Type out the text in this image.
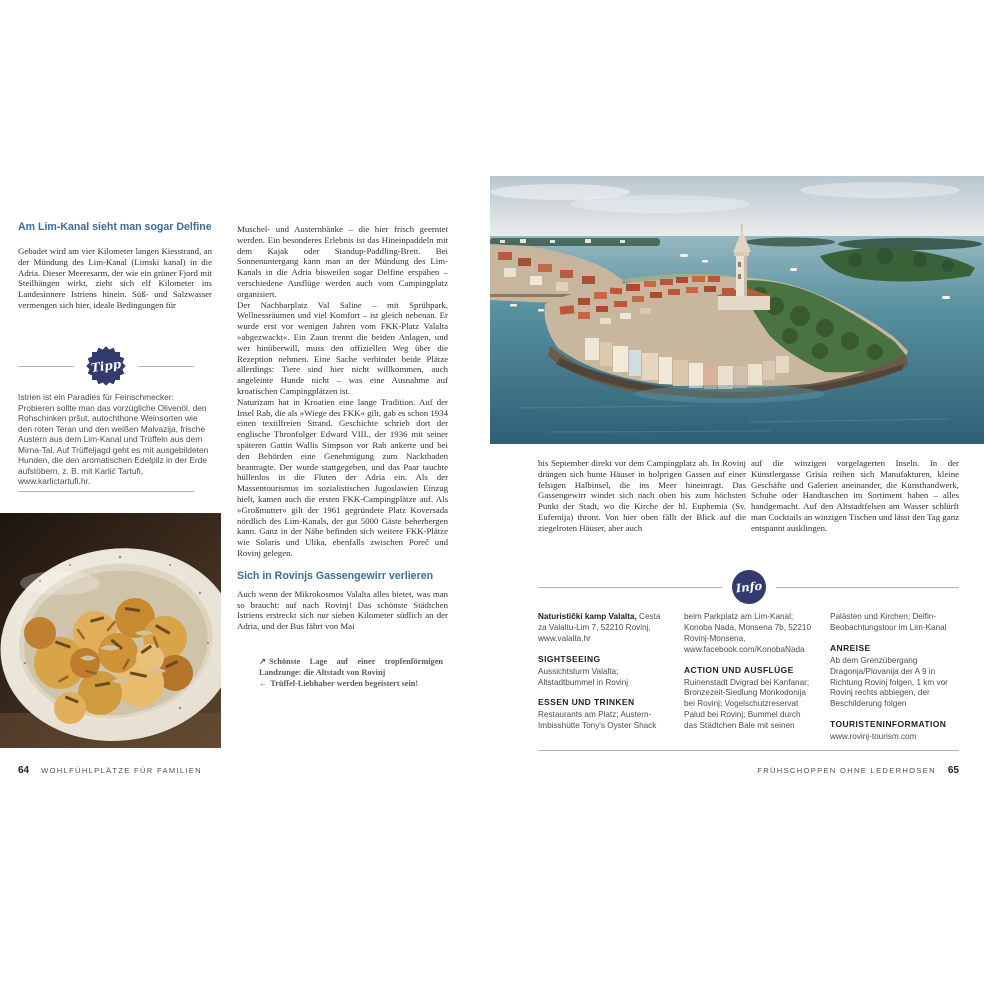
Am Lim-Kanal sieht man sogar Delfine
Gebadet wird am vier Kilometer langen Kiesstrand, an der Mündung des Lim-Kanal (Limski kanal) in die Adria. Dieser Meeresarm, der wie ein grüner Fjord mit Steilhängen wirkt, zieht sich elf Kilometer ins Landesinnere Istriens hinein. Süß- und Salzwasser vermengen sich hier, ideale Bedingungen für
Tipp
Istrien ist ein Paradies für Feinschmecker: Probieren sollte man das vorzügliche Olivenöl, den Rohschinken pršut, autochthone Weinsorten wie den roten Teran und den weißen Malvazija, frische Austern aus dem Lim-Kanal und Trüffeln aus dem Mirna-Tal. Auf Trüffeljagd geht es mit ausgebildeten Hunden, die den aromatischen Edelpilz in der Erde aufstöbern, z. B. mit Karlić Tartufi, www.karlictartufi.hr.
64 WOHLFÜHLPLÄTZE FÜR FAMILIEN

Muschel- und Austernbänke – die hier frisch geerntet werden. Ein besonderes Erlebnis ist das Hineinpaddeln mit dem Kajak oder Standup-Paddling-Brett. Bei Sonnenuntergang kann man an der Mündung des Lim-Kanals in die Adria bisweilen sogar Delfine erspähen – verschiedene Ausflüge werden auch vom Campingplatz organisiert.

Der Nachbarplatz Val Saline – mit Sprühpark, Wellnessräumen und viel Komfort – ist gleich nebenan. Er wurde erst vor wenigen Jahren vom FKK-Platz Valalta »abgezwackt«. Ein Zaun trennt die beiden Anlagen, und wer hinüberwill, muss den offiziellen Weg über die Rezeption nehmen. Eine Sache verbindet beide Plätze allerdings: Tiere sind hier nicht willkommen, auch angeleinte Hunde nicht – was eine Ausnahme auf kroatischen Campingplätzen ist.

Naturizam hat in Kroatien eine lange Tradition. Auf der Insel Rab, die als »Wiege des FKK« gilt, gab es schon 1934 einen textilfreien Strand. Geschichte schrieb dort der englische Thronfolger Edward VIII., der 1936 mit seiner späteren Gattin Wallis Simpson vor Rab ankerte und bei den Behörden eine Genehmigung zum Nacktbaden beantragte. Der wurde stattgegeben, und das Paar tauchte hüllenlos in die Fluten der Adria ein. Als der Massentourismus im sozialistischen Jugoslawien Einzug hielt, kamen auch die ersten FKK-Campingplätze auf. Als »Großmutter« gilt der 1961 gegründete Platz Koversada nördlich des Lim-Kanals, der gut 5000 Gäste beherbergen kann. Ganz in der Nähe befinden sich weitere FKK-Plätze wie Solaris und Ulika, ebenfalls zwischen Poreč und Rovinj gelegen.

Sich in Rovinjs Gassengewirr verlieren

Auch wenn der Mikrokosmos Valalta alles bietet, was man so braucht: auf nach Rovinj! Das schönste Städtchen Istriens erstreckt sich nur sieben Kilometer südlich an der Adria, und der Bus fährt von Mai

↗ Schönste Lage auf einer tropfenförmigen Landzunge: die Altstadt von Rovinj
← Trüffel-Liebhaber werden begeistert sein!
bis September direkt vor dem Campingplatz ab. In Rovinj drängen sich bunte Häuser in holprigen Gassen auf einer felsigen Halbinsel, die ins Meer hineinragt. Das Gassengewirr windet sich nach oben bis zum höchsten Punkt der Stadt, wo die Kirche der hl. Euphemia (Sv. Eufemija) thront. Von hier oben fällt der Blick auf die ziegelroten Häuser, aber auch
auf die winzigen vorgelagerten Inseln. In der Künstlergasse Grisia reihen sich Manufakturen, kleine Geschäfte und Galerien aneinander, die Kunsthandwerk, Schuhe oder Handtaschen im Sortiment haben – alles handgemacht. Auf den Altstadtfelsen am Wasser schlürft man Cocktails an winzigen Tischen und lässt den Tag ganz entspannt ausklingen.
Info
Naturistički kamp Valalta, Cesta za Valaltu-Lim 7, 52210 Rovinj, www.valalta.hr
SIGHTSEEING
Aussichtsturm Valalta; Altstadtbummel in Rovinj
ESSEN UND TRINKEN
Restaurants am Platz; Austern-Imbisshütte Tony's Oyster Shack
beim Parkplatz am Lim-Kanal; Konoba Nada, Monsena 7b, 52210 Rovinj-Monsena, www.facebook.com/KonobaNada
ACTION UND AUSFLÜGE
Ruinenstadt Dvigrad bei Kanfanar; Bronzezeit-Siedlung Monkodonija bei Rovinj; Vogelschutzreservat Palud bei Rovinj; Bummel durch das Städtchen Bale mit seinen
Palästen und Kirchen; Delfin-Beobachtungstour im Lim-Kanal
ANREISE
Ab dem Grenzübergang Dragonja/Plovanija der A 9 in Richtung Rovinj folgen, 1 km vor Rovinj rechts abbiegen, der Beschilderung folgen
TOURISTENINFORMATION
www.rovinj-tourism.com
FRÜHSCHOPPEN OHNE LEDERHOSEN 65
